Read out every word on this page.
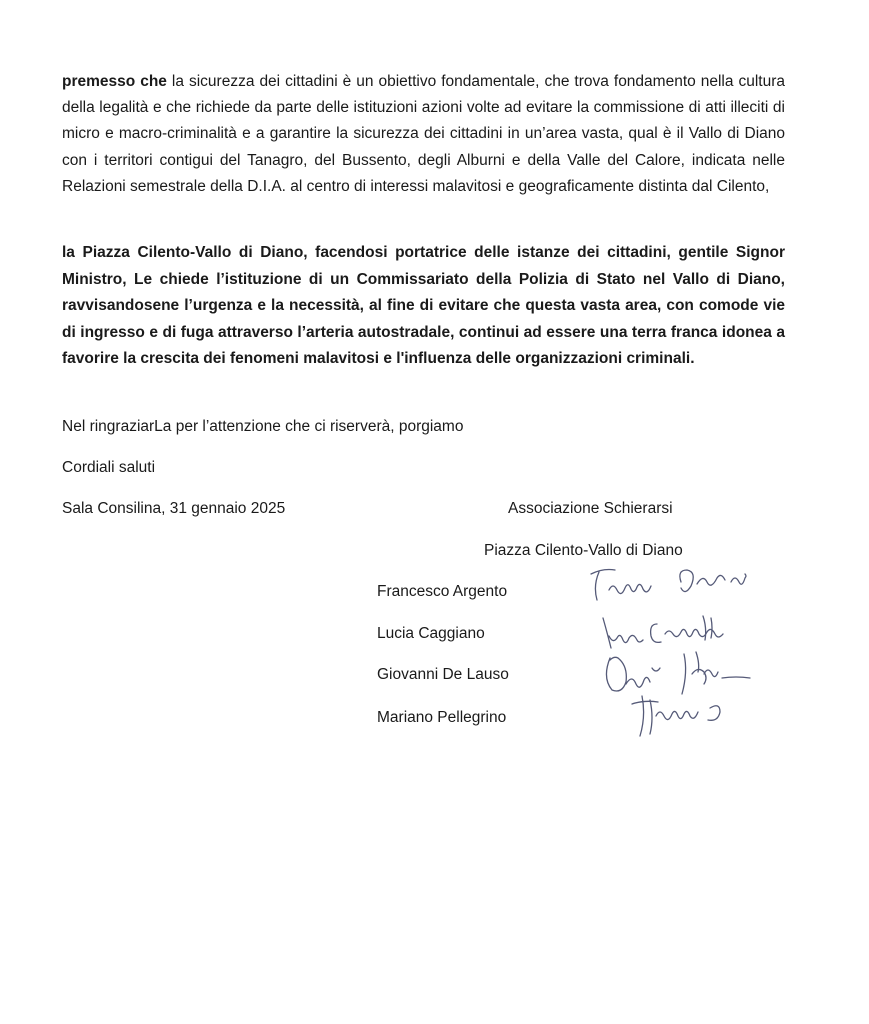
premesso che la sicurezza dei cittadini è un obiettivo fondamentale, che trova fondamento nella cultura della legalità e che richiede da parte delle istituzioni azioni volte ad evitare la commissione di atti illeciti di micro e macro-criminalità e a garantire la sicurezza dei cittadini in un’area vasta, qual è il Vallo di Diano con i territori contigui del Tanagro, del Bussento, degli Alburni e della Valle del Calore, indicata nelle Relazioni semestrale della D.I.A. al centro di interessi malavitosi e geograficamente distinta dal Cilento,

la Piazza Cilento-Vallo di Diano, facendosi portatrice delle istanze dei cittadini, gentile Signor Ministro, Le chiede l’istituzione di un Commissariato della Polizia di Stato nel Vallo di Diano, ravvisandosene l’urgenza e la necessità, al fine di evitare che questa vasta area, con comode vie di ingresso e di fuga attraverso l’arteria autostradale, continui ad essere una terra franca idonea a favorire la crescita dei fenomeni malavitosi e l'influenza delle organizzazioni criminali.

Nel ringraziarLa per l’attenzione che ci riserverà, porgiamo

Cordiali saluti

Sala Consilina, 31 gennaio 2025	Associazione Schierarsi

Piazza Cilento-Vallo di Diano

Francesco Argento
Lucia Caggiano
Giovanni De Lauso
Mariano Pellegrino
